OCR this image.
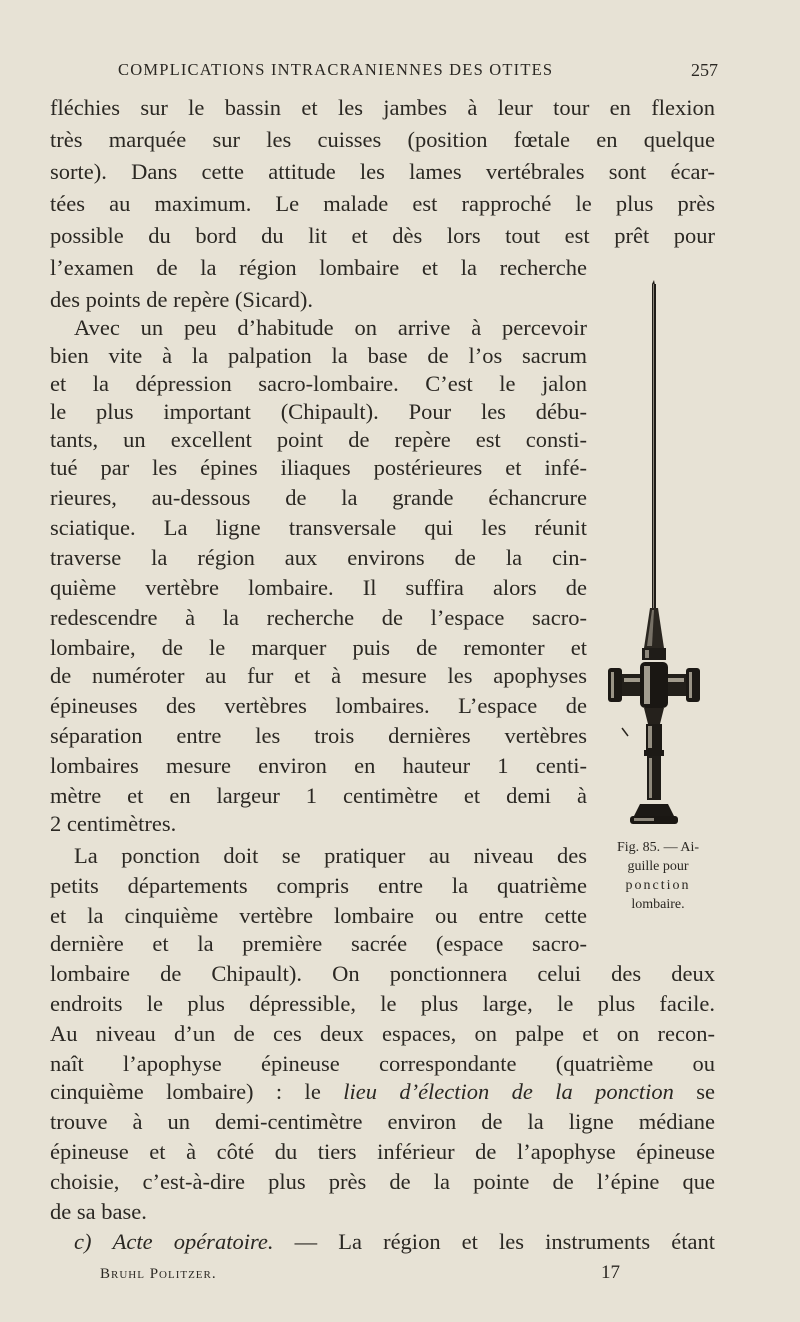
COMPLICATIONS INTRACRANIENNES DES OTITES	257
fléchies sur le bassin et les jambes à leur tour en flexion
très marquée sur les cuisses (position fœtale en quelque
sorte). Dans cette attitude les lames vertébrales sont écar-
tées au maximum. Le malade est rapproché le plus près
possible du bord du lit et dès lors tout est prêt pour
l’examen de la région lombaire et la recherche
des points de repère (Sicard).
Avec un peu d’habitude on arrive à percevoir
bien vite à la palpation la base de l’os sacrum
et la dépression sacro-lombaire. C’est le jalon
le plus important (Chipault). Pour les débu-
tants, un excellent point de repère est consti-
tué par les épines iliaques postérieures et infé-
rieures, au-dessous de la grande échancrure
sciatique. La ligne transversale qui les réunit
traverse la région aux environs de la cin-
quième vertèbre lombaire. Il suffira alors de
redescendre à la recherche de l’espace sacro-
lombaire, de le marquer puis de remonter et
de numéroter au fur et à mesure les apophyses
épineuses des vertèbres lombaires. L’espace de
séparation entre les trois dernières vertèbres
lombaires mesure environ en hauteur 1 centi-
mètre et en largeur 1 centimètre et demi à
2 centimètres.
La ponction doit se pratiquer au niveau des
petits départements compris entre la quatrième
et la cinquième vertèbre lombaire ou entre cette
dernière et la première sacrée (espace sacro-
lombaire de Chipault). On ponctionnera celui des deux
endroits le plus dépressible, le plus large, le plus facile.
Au niveau d’un de ces deux espaces, on palpe et on recon-
naît l’apophyse épineuse correspondante (quatrième ou
cinquième lombaire) : le lieu d’élection de la ponction se
trouve à un demi-centimètre environ de la ligne médiane
épineuse et à côté du tiers inférieur de l’apophyse épineuse
choisie, c’est-à-dire plus près de la pointe de l’épine que
de sa base.
c) Acte opératoire. — La région et les instruments étant
Fig. 85. — Ai-
guille pour
ponction
lombaire.
Bruhl Politzer.	17
